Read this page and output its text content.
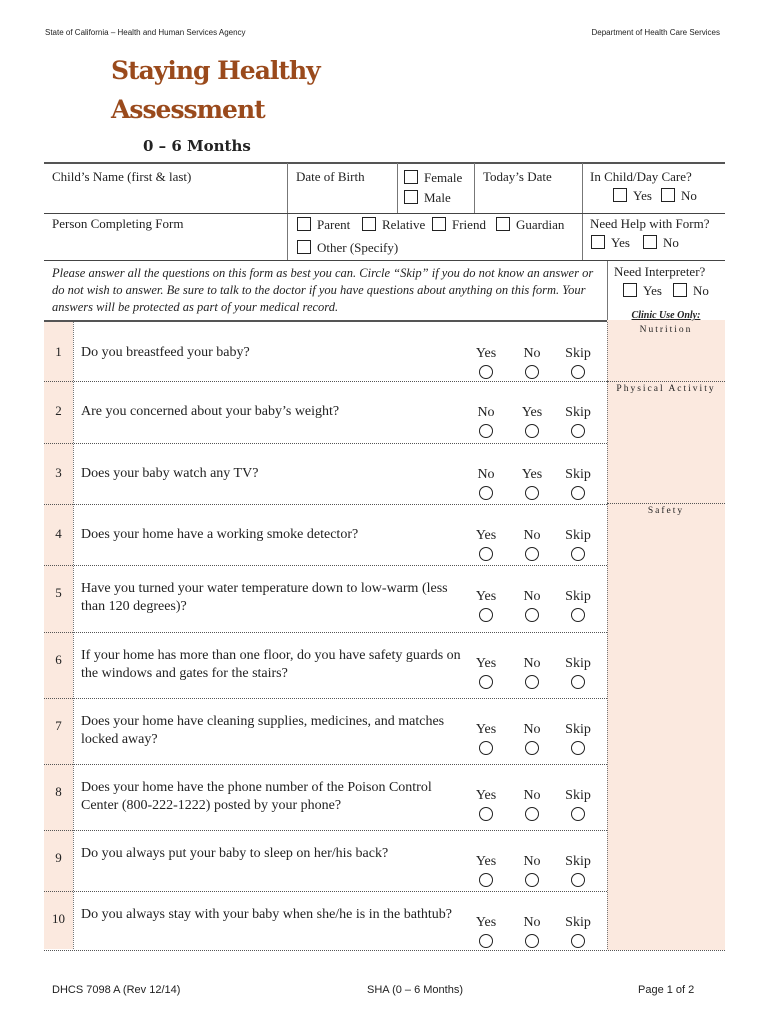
State of California – Health and Human Services Agency	Department of Health Care Services
Staying Healthy
Assessment
0 – 6 Months
Child’s Name (first & last)	Date of Birth	Female
Male
Today’s Date	In Child/Day Care?
Yes	No
Person Completing Form	Parent	Relative	Friend	Guardian
Other (Specify)
Need Help with Form?
Yes	No
Please answer all the questions on this form as best you can. Circle “Skip” if you do not know an answer or do not wish to answer. Be sure to talk to the doctor if you have questions about anything on this form. Your answers will be protected as part of your medical record.
Need Interpreter?
Yes	No
Clinic Use Only:
Nutrition
Physical Activity
Safety
1	Do you breastfeed your baby?	Yes	No	Skip
2	Are you concerned about your baby’s weight?	No	Yes	Skip
3	Does your baby watch any TV?	No	Yes	Skip
4	Does your home have a working smoke detector?	Yes	No	Skip
5	Have you turned your water temperature down to low-warm (less than 120 degrees)?
Yes	No	Skip
6	If your home has more than one floor, do you have safety guards on the windows and gates for the stairs?
Yes	No	Skip
7	Does your home have cleaning supplies, medicines, and matches locked away?
Yes	No	Skip
8	Does your home have the phone number of the Poison Control Center (800-222-1222) posted by your phone?
Yes	No	Skip
9	Do you always put your baby to sleep on her/his back?
Yes	No	Skip
10	Do you always stay with your baby when she/he is in the bathtub?
Yes	No	Skip
DHCS 7098 A (Rev 12/14)	SHA (0 – 6 Months)	Page 1 of 2
